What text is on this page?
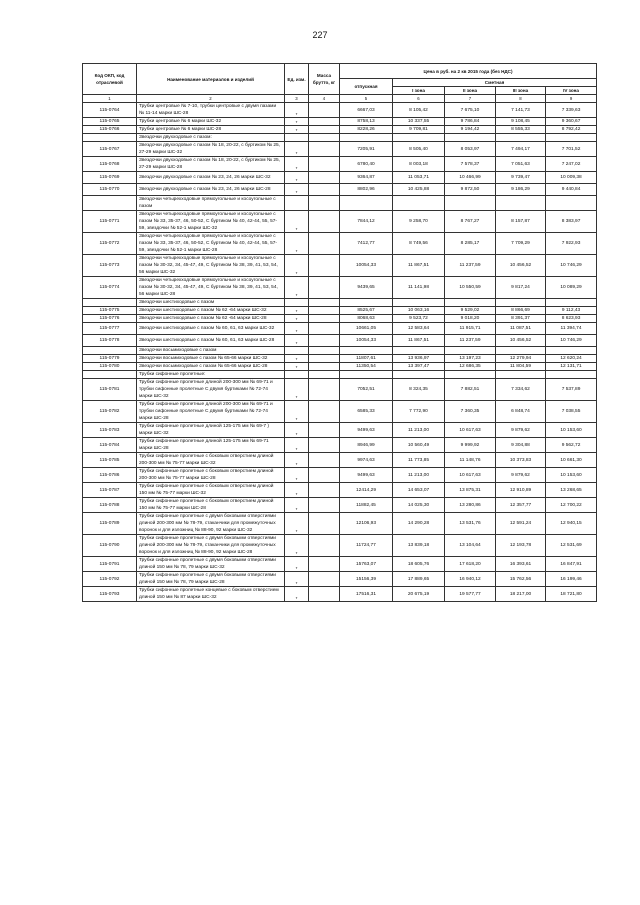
227
Код ОКП, код отраслевой	Наименование материалов и изделий	Ед. изм.	Масса брутто, кг	Цена в руб. на 2 кв 2015 года (без НДС)				
				отпускная	Сметная			
					I зона	II зона	III зона	IV зона
1	2	3	4	5	6	7	8	9
115-0764	Трубки центровые № 7-10, трубки центровые с двумя пазами № 11-14 марки ШС-28	т		6667,03	8 105,42	7 675,10	7 141,73	7 339,63
115-0765	Трубки центровые № 6 марки ШС-32	т		8758,13	10 337,55	9 786,84	9 108,45	9 360,67
115-0766	Трубки центровые № 6 марки ШС-28	т		8228,26	9 709,81	9 194,42	8 555,33	8 792,42
	Звездочки двухходовые с пазом:							
115-0767	Звездочки двухходовые с пазом № 18, 20-22, с буртиком № 25, 27-29 марки ШС-32	т		7205,91	8 505,40	8 053,97	7 494,17	7 701,52
115-0768	Звездочки двухходовые с пазом № 18, 20-22, с буртиком № 25, 27-29 марки ШС-28	т		6780,40	8 003,18	7 578,37	7 051,63	7 247,02
115-0769	Звездочки двухходовые с пазом № 23, 24, 26 марки ШС-32	т		9364,87	11 053,71	10 466,99	9 739,47	10 009,38
115-0770	Звездочки двухходовые с пазом № 23, 24, 26 марки ШС-28	т		8802,96	10 425,88	9 872,50	9 186,29	9 440,84
	Звездочки четырехходовые прямоугольные и косоугольные с пазом							
115-0771	Звездочки четырехходовые прямоугольные и косоугольные с пазом № 33, 35-37, 46, 50-52, С буртиком № 40, 42-44, 55, 57-59, звездочки № 52-1 марки ШС-32	т		7844,12	9 258,70	8 767,27	8 157,87	8 383,97
115-0772	Звездочки четырехходовые прямоугольные и косоугольные с пазом № 33, 35-37, 46, 50-52, С буртиком № 40, 42-44, 55, 57-59, звездочки № 52-1 марки ШС-28	т		7412,77	8 749,56	8 285,17	7 709,29	7 922,93
115-0773	Звездочки четырехходовые прямоугольные и косоугольные с пазом № 30-32, 34, 45-47, 49, С буртиком № 38, 39, 41, 53, 54, 56 марки ШС-32	т		10054,33	11 867,51	11 237,59	10 456,52	10 746,29
115-0774	Звездочки четырехходовые прямоугольные и косоугольные с пазом № 30-32, 34, 45-47, 49, С буртиком № 38, 39, 41, 53, 54, 56 марки ШС-28	т		9439,65	11 141,98	10 550,59	9 817,24	10 089,29
	Звездочки шестиходовые с пазом							
115-0775	Звездочки шестиходовые с пазом № 62 -64 марки ШС-32	т		8525,67	10 063,16	9 529,02	8 866,69	9 112,43
115-0776	Звездочки шестиходовые с пазом № 62 -64 марки ШС-28	т		8068,63	9 523,72	9 018,20	8 391,37	8 623,93
115-0777	Звездочки шестиходовые с пазом № 60, 61, 63 марки ШС-32	т		10661,05	12 583,64	11 915,71	11 087,51	11 394,74
115-0778	Звездочки шестиходовые с пазом № 60, 61, 63 марки ШС-28	т		10054,33	11 867,51	11 237,59	10 456,52	10 746,29
	Звездочки восьмиходовые с пазом							
115-0779	Звездочки восьмиходовые с пазом № 65-66 марки ШС-32	т		11807,61	13 936,97	13 197,23	12 279,94	12 620,24
115-0780	Звездочки восьмиходовые с пазом № 65-66 марки ШС-28	т		11350,54	13 397,47	12 686,35	11 804,59	12 131,71
	Трубки сифонные пролетные:							
115-0781	Трубки сифонные пролетные длиной 200-300 мм № 69-71 и трубки сифонные пролетные С двумя буртиками № 72-74 марки ШС-32	т		7052,51	8 324,35	7 882,51	7 334,62	7 537,89
115-0782	Трубки сифонные пролетные длиной 200-300 мм № 69-71 и трубки сифонные пролетные С двумя буртиками № 72-74 марки ШС-28	т		6585,33	7 772,90	7 360,35	6 848,74	7 038,55
115-0783	Трубки сифонные пролетные длиной 125-175 мм № 69-7 ) марки ШС-32	т		9499,63	11 213,00	10 617,63	9 879,62	10 153,60
115-0784	Трубки сифонные пролетные длиной 125-175 мм № 69-71 марки ШС-28	т		8946,99	10 560,49	9 999,92	9 304,88	9 562,72
115-0785	Трубки сифонные пролетные с боковым отверстием длиной 200-300 мм № 75-77 марки ШС-32	т		9974,63	11 773,85	11 148,76	10 373,83	10 661,30
115-0786	Трубки сифонные пролетные с боковым отверстием длиной 200-300 мм № 75-77 марки ШС-28	т		9499,63	11 213,00	10 617,63	9 879,62	10 153,60
115-0787	Трубки сифонные пролетные с боковым отверстием длиной 150 мм № 75-77 марки ШС-32	т		12414,29	14 653,07	13 875,31	12 910,89	13 268,65
115-0788	Трубки сифонные пролетные с боковым отверстием длиной 150 мм № 75-77 марки ШС-28	т		11882,45	14 025,30	13 280,86	12 357,77	12 700,22
115-0789	Трубки сифонные пролетные с двумя боковыми отверстиями длиной 200-300 мм № 78-79, стаканчики для промежуточных воронок и для изложниц № 88-90, 92 марки ШС-32	т		12106,93	14 290,28	13 531,76	12 591,24	12 940,15
115-0790	Трубки сифонные пролетные с двумя боковыми отверстиями длиной 200-300 мм № 78-79, стаканчики для промежуточных воронок и для изложниц № 88-90, 92 марки ШС-28	т		11724,77	13 839,18	13 104,64	12 193,78	12 531,69
115-0791	Трубки сифонные пролетные с двумя боковыми отверстиями длиной 150 мм № 78, 79 марки ШС-32	т		15763,07	18 605,76	17 618,20	16 393,61	16 847,91
115-0792	Трубки сифонные пролетные с двумя боковыми отверстиями длиной 150 мм № 78, 79 марки ШС-28	т		15156,39	17 889,65	16 940,12	15 762,56	16 199,46
115-0793	Трубки сифонные пролетные концевые с боковым отверстием длиной 150 мм № 87 марки ШС-32	т		17516,31	20 675,19	19 577,77	18 217,00	18 721,80
